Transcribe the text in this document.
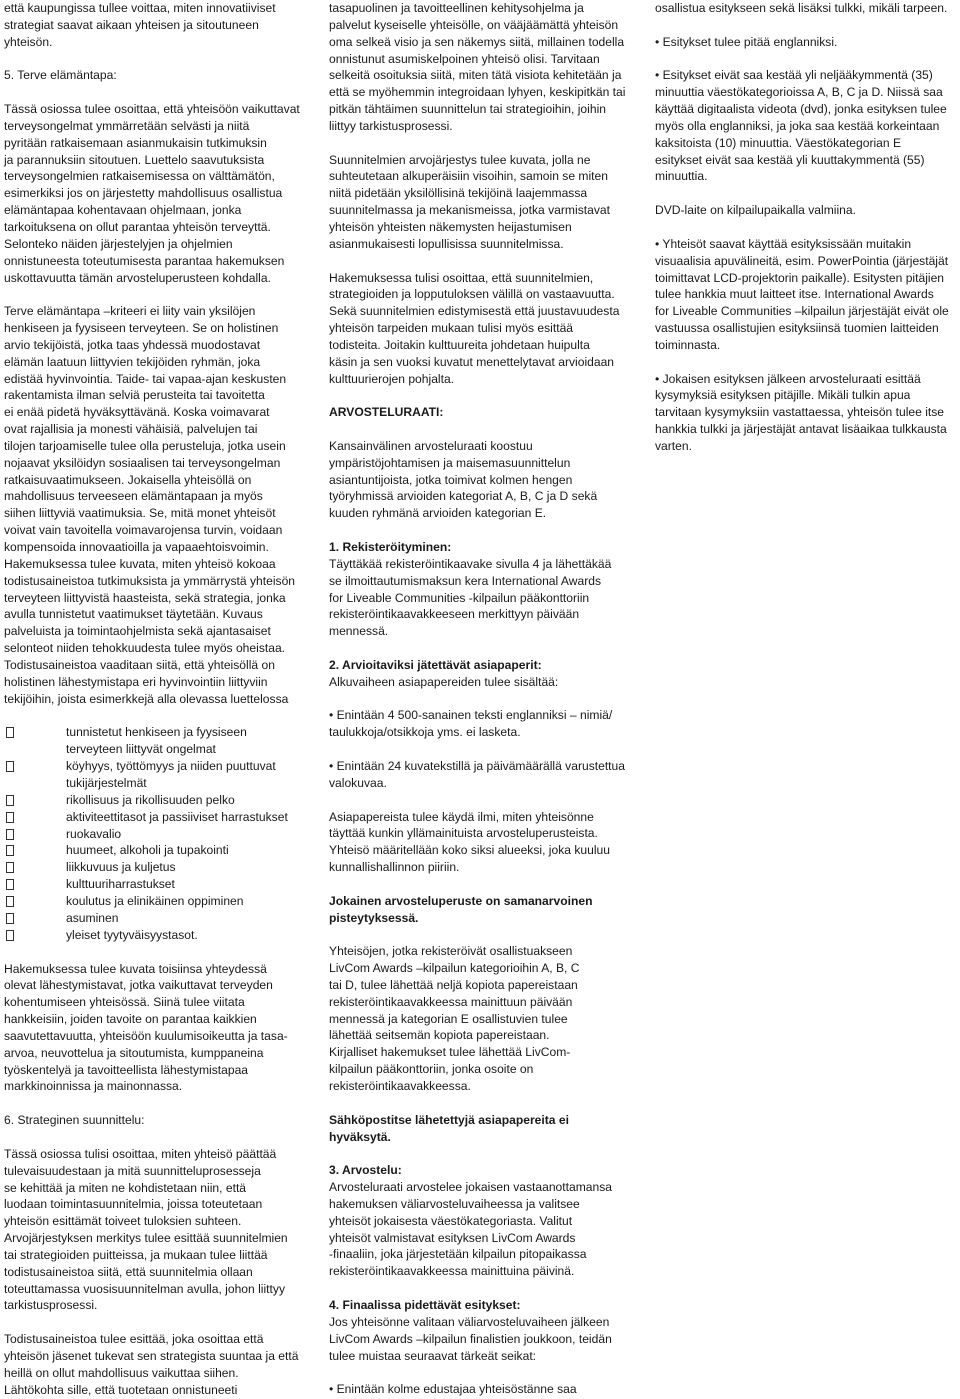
että kaupungissa tullee voittaa, miten innovatiiviset
strategiat saavat aikaan yhteisen ja sitoutuneen
yhteisön.

5. Terve elämäntapa:

Tässä osiossa tulee osoittaa, että yhteisöön vaikuttavat
terveysongelmat ymmärretään selvästi ja niitä
pyritään ratkaisemaan asianmukaisin tutkimuksin
ja parannuksiin sitoutuen. Luettelo saavutuksista
terveysongelmien ratkaisemisessa on välttämätön,
esimerkiksi jos on järjestetty mahdollisuus osallistua
elämäntapaa kohentavaan ohjelmaan, jonka
tarkoituksena on ollut parantaa yhteisön terveyttä.
Selonteko näiden järjestelyjen ja ohjelmien
onnistuneesta toteutumisesta parantaa hakemuksen
uskottavuutta tämän arvosteluperusteen kohdalla.

Terve elämäntapa –kriteeri ei liity vain yksilöjen
henkiseen ja fyysiseen terveyteen. Se on holistinen
arvio tekijöistä, jotka taas yhdessä muodostavat
elämän laatuun liittyvien tekijöiden ryhmän, joka
edistää hyvinvointia. Taide- tai vapaa-ajan keskusten
rakentamista ilman selviä perusteita tai tavoitetta
ei enää pidetä hyväksyttävänä. Koska voimavarat
ovat rajallisia ja monesti vähäisiä, palvelujen tai
tilojen tarjoamiselle tulee olla perusteluja, jotka usein
nojaavat yksilöidyn sosiaalisen tai terveysongelman
ratkaisuvaatimukseen. Jokaisella yhteisöllä on
mahdollisuus terveeseen elämäntapaan ja myös
siihen liittyviä vaatimuksia. Se, mitä monet yhteisöt
voivat vain tavoitella voimavarojensa turvin, voidaan
kompensoida innovaatioilla ja vapaaehtoisvoimin.
Hakemuksessa tulee kuvata, miten yhteisö kokoaa
todistusaineistoa tutkimuksista ja ymmärrystä yhteisön
terveyteen liittyvistä haasteista, sekä strategia, jonka
avulla tunnistetut vaatimukset täytetään. Kuvaus
palveluista ja toimintaohjelmista sekä ajantasaiset
selonteot niiden tehokkuudesta tulee myös oheistaa.
Todistusaineistoa vaaditaan siitä, että yhteisöllä on
holistinen lähestymistapa eri hyvinvointiin liittyviin
tekijöihin, joista esimerkkejä alla olevassa luettelossa

tunnistetut henkiseen ja fyysiseen
terveyteen liittyvät ongelmat
köyhyys, työttömyys ja niiden puuttuvat
tukijärjestelmät
rikollisuus ja rikollisuuden pelko
aktiviteettitasot ja passiiviset harrastukset
ruokavalio
huumeet, alkoholi ja tupakointi
liikkuvuus ja kuljetus
kulttuuriharrastukset
koulutus ja elinikäinen oppiminen
asuminen
yleiset tyytyväisyystasot.

Hakemuksessa tulee kuvata toisiinsa yhteydessä
olevat lähestymistavat, jotka vaikuttavat terveyden
kohentumiseen yhteisössä. Siinä tulee viitata
hankkeisiin, joiden tavoite on parantaa kaikkien
saavutettavuutta, yhteisöön kuulumisoikeutta ja tasa-
arvoa, neuvottelua ja sitoutumista, kumppaneina
työskentelyä ja tavoitteellista lähestymistapaa
markkinoinnissa ja mainonnassa.

6. Strateginen suunnittelu:

Tässä osiossa tulisi osoittaa, miten yhteisö päättää
tulevaisuudestaan ja mitä suunnitteluprosesseja
se kehittää ja miten ne kohdistetaan niin, että
luodaan toimintasuunnitelmia, joissa toteutetaan
yhteisön esittämät toiveet tuloksien suhteen.
Arvojärjestyksen merkitys tulee esittää suunnitelmien
tai strategioiden puitteissa, ja mukaan tulee liittää
todistusaineistoa siitä, että suunnitelmia ollaan
toteuttamassa vuosisuunnitelman avulla, johon liittyy
tarkistusprosessi.

Todistusaineistoa tulee esittää, joka osoittaa että
yhteisön jäsenet tukevat sen strategista suuntaa ja että
heillä on ollut mahdollisuus vaikuttaa siihen.
Lähtökohta sille, että tuotetaan onnistuneeti

tasapuolinen ja tavoitteellinen kehitysohjelma ja
palvelut kyseiselle yhteisölle, on vääjäämättä yhteisön
oma selkeä visio ja sen näkemys siitä, millainen todella
onnistunut asumiskelpoinen yhteisö olisi. Tarvitaan
selkeitä osoituksia siitä, miten tätä visiota kehitetään ja
että se myöhemmin integroidaan lyhyen, keskipitkän tai
pitkän tähtäimen suunnittelun tai strategioihin, joihin
liittyy tarkistusprosessi.

Suunnitelmien arvojärjestys tulee kuvata, jolla ne
suhteutetaan alkuperäisiin visoihin, samoin se miten
niitä pidetään yksilöllisinä tekijöinä laajemmassa
suunnitelmassa ja mekanismeissa, jotka varmistavat
yhteisön yhteisten näkemysten heijastumisen
asianmukaisesti lopullisissa suunnitelmissa.

Hakemuksessa tulisi osoittaa, että suunnitelmien,
strategioiden ja lopputuloksen välillä on vastaavuutta.
Sekä suunnitelmien edistymisestä että juustavuudesta
yhteisön tarpeiden mukaan tulisi myös esittää
todisteita. Joitakin kulttuureita johdetaan huipulta
käsin ja sen vuoksi kuvatut menettelytavat arvioidaan
kulttuurierojen pohjalta.

ARVOSTELURAATI:

Kansainvälinen arvosteluraati koostuu
ympäristöjohtamisen ja maisemasuunnittelun
asiantuntijoista, jotka toimivat kolmen hengen
työryhmissä arvioiden kategoriat A, B, C ja D sekä
kuuden ryhmänä arvioiden kategorian E.

1. Rekisteröityminen:
Täyttäkää rekisteröintikaavake sivulla 4 ja lähettäkää
se ilmoittautumismaksun kera International Awards
for Liveable Communities -kilpailun pääkonttoriin
rekisteröintikaavakkeeseen merkittyyn päivään
mennessä.

2. Arvioitaviksi jätettävät asiapaperit:
Alkuvaiheen asiapapereiden tulee sisältää:

• Enintään 4 500-sanainen teksti englanniksi – nimiä/
taulukkoja/otsikkoja yms. ei lasketa.

• Enintään 24 kuvatekstillä ja päivämäärällä varustettua
valokuvaa.

Asiapapereista tulee käydä ilmi, miten yhteisönne
täyttää kunkin yllämainituista arvosteluperusteista.
Yhteisö määritellään koko siksi alueeksi, joka kuuluu
kunnallishallinnon piiriin.

Jokainen arvosteluperuste on samanarvoinen
pisteytyksessä.

Yhteisöjen, jotka rekisteröivät osallistuakseen
LivCom Awards –kilpailun kategorioihin A, B, C
tai D, tulee lähettää neljä kopiota papereistaan
rekisteröintikaavakkeessa mainittuun päivään
mennessä ja kategorian E osallistuvien tulee
lähettää seitsemän kopiota papereistaan.
Kirjalliset hakemukset tulee lähettää LivCom-
kilpailun pääkonttoriin, jonka osoite on
rekisteröintikaavakkeessa.

Sähköpostitse lähetettyjä asiapapereita ei
hyväksytä.

3. Arvostelu:
Arvosteluraati arvostelee jokaisen vastaanottamansa
hakemuksen väliarvosteluvaiheessa ja valitsee
yhteisöt jokaisesta väestökategoriasta. Valitut
yhteisöt valmistavat esityksen LivCom Awards
-finaaliin, joka järjestetään kilpailun pitopaikassa
rekisteröintikaavakkeessa mainittuina päivinä.

4. Finaalissa pidettävät esitykset:
Jos yhteisönne valitaan väliarvosteluvaiheen jälkeen
LivCom Awards –kilpailun finalistien joukkoon, teidän
tulee muistaa seuraavat tärkeät seikat:

• Enintään kolme edustajaa yhteisöstänne saa

osallistua esitykseen sekä lisäksi tulkki, mikäli tarpeen.

• Esitykset tulee pitää englanniksi.

• Esitykset eivät saa kestää yli neljääkymmentä (35)
minuuttia väestökategorioissa A, B, C ja D. Niissä saa
käyttää digitaalista videota (dvd), jonka esityksen tulee
myös olla englanniksi, ja joka saa kestää korkeintaan
kaksitoista (10) minuuttia. Väestökategorian E
esitykset eivät saa kestää yli kuuttakymmentä (55)
minuuttia.

DVD-laite on kilpailupaikalla valmiina.

• Yhteisöt saavat käyttää esityksissään muitakin
visuaalisia apuvälineitä, esim. PowerPointia (järjestäjät
toimittavat LCD-projektorin paikalle). Esitysten pitäjien
tulee hankkia muut laitteet itse. International Awards
for Liveable Communities –kilpailun järjestäjät eivät ole
vastuussa osallistujien esityksiinsä tuomien laitteiden
toiminnasta.

• Jokaisen esityksen jälkeen arvosteluraati esittää
kysymyksiä esityksen pitäjille. Mikäli tulkin apua
tarvitaan kysymyksiin vastattaessa, yhteisön tulee itse
hankkia tulkki ja järjestäjät antavat lisäaikaa tulkkausta
varten.
